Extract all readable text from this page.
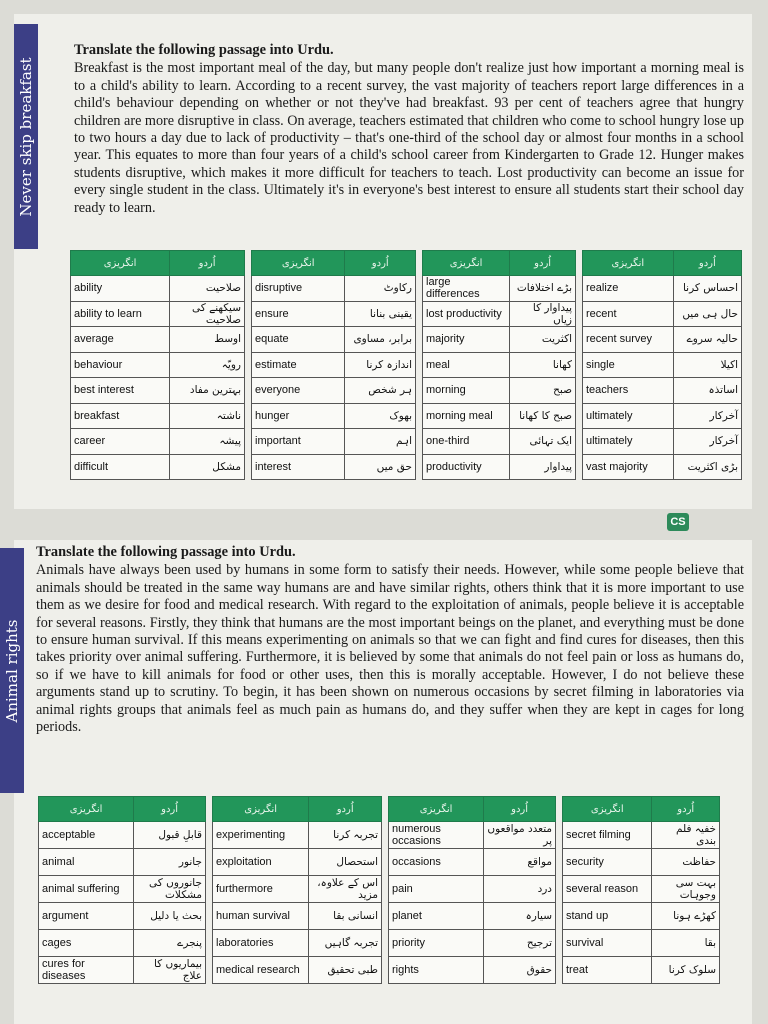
Never skip breakfast
Translate the following passage into Urdu.

Breakfast is the most important meal of the day, but many people don't realize just how important a morning meal is to a child's ability to learn. According to a recent survey, the vast majority of teachers report large differences in a child's behaviour depending on whether or not they've had breakfast. 93 per cent of teachers agree that hungry children are more disruptive in class. On average, teachers estimated that children who come to school hungry lose up to two hours a day due to lack of productivity – that's one-third of the school day or almost four months in a school year. This equates to more than four years of a child's school career from Kindergarten to Grade 12. Hunger makes students disruptive, which makes it more difficult for teachers to teach. Lost productivity can become an issue for every single student in the class. Ultimately it's in everyone's best interest to ensure all students start their school day ready to learn.

انگریزی	اُردو
ability	صلاحیت
ability to learn	سیکھنے کی صلاحیت
average	اوسط
behaviour	رویّہ
best interest	بہترین مفاد
breakfast	ناشتہ
career	پیشہ
difficult	مشکل
انگریزی	اُردو
disruptive	رکاوٹ
ensure	یقینی بنانا
equate	برابر، مساوی
estimate	اندازہ کرنا
everyone	ہر شخص
hunger	بھوک
important	اہم
interest	حق میں
انگریزی	اُردو
large differences	بڑے اختلافات
lost productivity	پیداوار کا زیاں
majority	اکثریت
meal	کھانا
morning	صبح
morning meal	صبح کا کھانا
one-third	ایک تہائی
productivity	پیداوار
انگریزی	اُردو
realize	احساس کرنا
recent	حال ہی میں
recent survey	حالیہ سروے
single	اکیلا
teachers	اساتذہ
ultimately	آخرکار
ultimately	آخرکار
vast majority	بڑی اکثریت
CS
Animal rights
Translate the following passage into Urdu.

Animals have always been used by humans in some form to satisfy their needs. However, while some people believe that animals should be treated in the same way humans are and have similar rights, others think that it is more important to use them as we desire for food and medical research. With regard to the exploitation of animals, people believe it is acceptable for several reasons. Firstly, they think that humans are the most important beings on the planet, and everything must be done to ensure human survival. If this means experimenting on animals so that we can fight and find cures for diseases, then this takes priority over animal suffering. Furthermore, it is believed by some that animals do not feel pain or loss as humans do, so if we have to kill animals for food or other uses, then this is morally acceptable. However, I do not believe these arguments stand up to scrutiny. To begin, it has been shown on numerous occasions by secret filming in laboratories via animal rights groups that animals feel as much pain as humans do, and they suffer when they are kept in cages for long periods.

انگریزی	اُردو
acceptable	قابلِ قبول
animal	جانور
animal suffering	جانوروں کی مشکلات
argument	بحث یا دلیل
cages	پنجرے
cures for diseases	بیماریوں کا علاج
انگریزی	اُردو
experimenting	تجربہ کرنا
exploitation	استحصال
furthermore	اس کے علاوہ، مزید
human survival	انسانی بقا
laboratories	تجربہ گاہیں
medical research	طبی تحقیق
انگریزی	اُردو
numerous occasions	متعدد مواقعوں پر
occasions	مواقع
pain	درد
planet	سیارہ
priority	ترجیح
rights	حقوق
انگریزی	اُردو
secret filming	خفیہ فلم بندی
security	حفاظت
several reason	بہت سی وجوہات
stand up	کھڑے ہونا
survival	بقا
treat	سلوک کرنا
